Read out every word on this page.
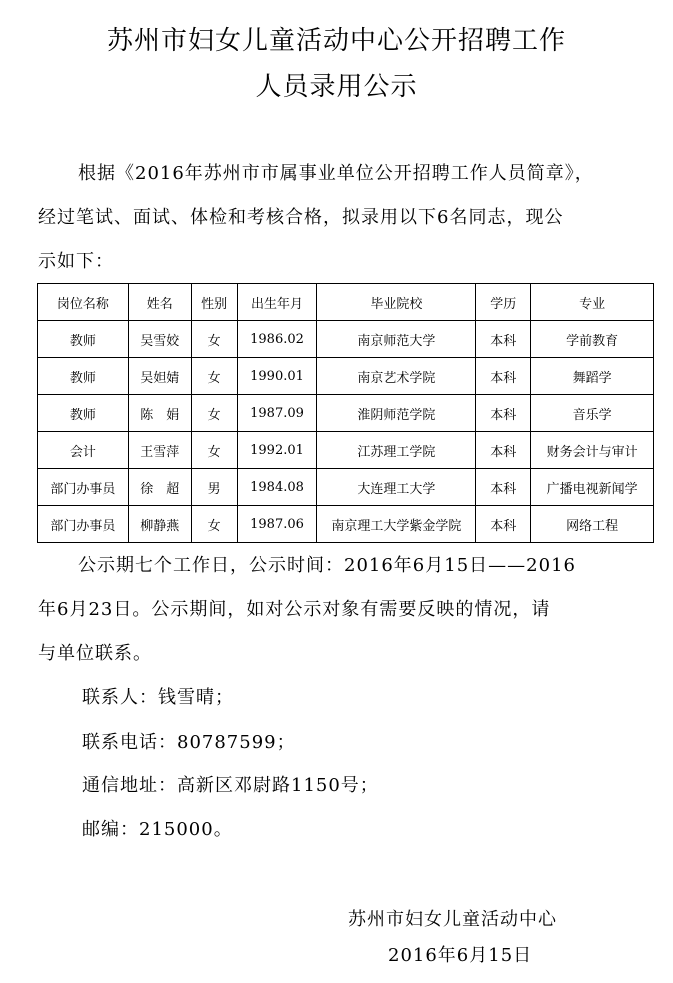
苏州市妇女儿童活动中心公开招聘工作
人员录用公示
根据《2016年苏州市市属事业单位公开招聘工作人员简章》，
经过笔试、面试、体检和考核合格，拟录用以下6名同志，现公
示如下：
岗位名称	姓名	性别	出生年月	毕业院校	学历	专业
教师	吴雪姣	女	1986.02	南京师范大学	本科	学前教育
教师	吴妲婧	女	1990.01	南京艺术学院	本科	舞蹈学
教师	陈　娟	女	1987.09	淮阴师范学院	本科	音乐学
会计	王雪萍	女	1992.01	江苏理工学院	本科	财务会计与审计
部门办事员	徐　超	男	1984.08	大连理工大学	本科	广播电视新闻学
部门办事员	柳静燕	女	1987.06	南京理工大学紫金学院	本科	网络工程
公示期七个工作日，公示时间：2016年6月15日——2016
年6月23日。公示期间，如对公示对象有需要反映的情况，请
与单位联系。
联系人：钱雪晴；
联系电话：80787599；
通信地址：高新区邓尉路1150号；
邮编：215000。
苏州市妇女儿童活动中心
2016年6月15日
